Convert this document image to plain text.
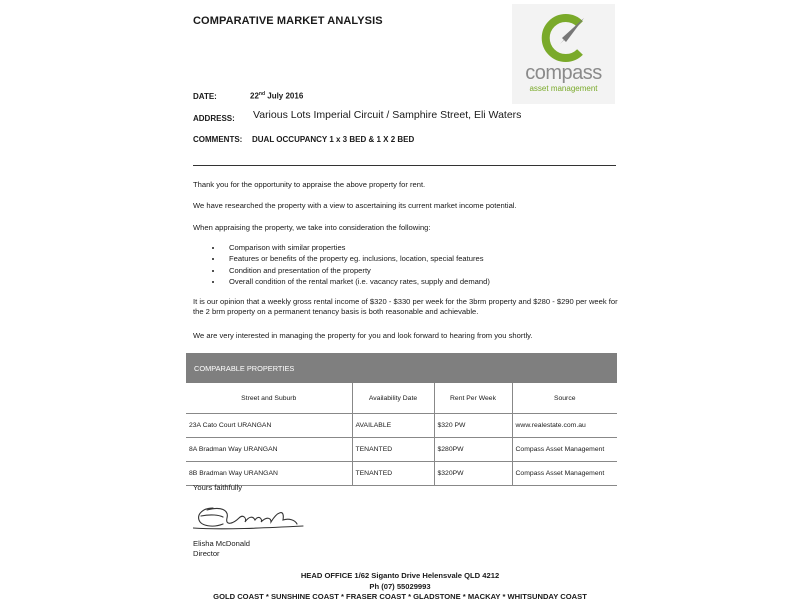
COMPARATIVE MARKET ANALYSIS
compass
asset management
DATE:	22nd July 2016
ADDRESS: Various Lots Imperial Circuit / Samphire Street, Eli Waters
COMMENTS: DUAL OCCUPANCY 1 x 3 BED & 1 X 2 BED
Thank you for the opportunity to appraise the above property for rent.
We have researched the property with a view to ascertaining its current market income potential.
When appraising the property, we take into consideration the following:
• Comparison with similar properties
• Features or benefits of the property eg. inclusions, location, special features
• Condition and presentation of the property
• Overall condition of the rental market (i.e. vacancy rates, supply and demand)
It is our opinion that a weekly gross rental income of $320 - $330 per week for the 3brm property and $280 - $290 per week for the 2 brm property on a permanent tenancy basis is both reasonable and achievable.
We are very interested in managing the property for you and look forward to hearing from you shortly.
COMPARABLE PROPERTIES
Street and Suburb	Availability Date	Rent Per Week	Source
23A Cato Court URANGAN	AVAILABLE	$320 PW	www.realestate.com.au
8A Bradman Way URANGAN	TENANTED	$280PW	Compass Asset Management
8B Bradman Way URANGAN	TENANTED	$320PW	Compass Asset Management
Yours faithfully
Elisha McDonald
Director
HEAD OFFICE 1/62 Siganto Drive Helensvale QLD 4212
Ph (07) 55029993
GOLD COAST * SUNSHINE COAST * FRASER COAST * GLADSTONE * MACKAY * WHITSUNDAY COAST
